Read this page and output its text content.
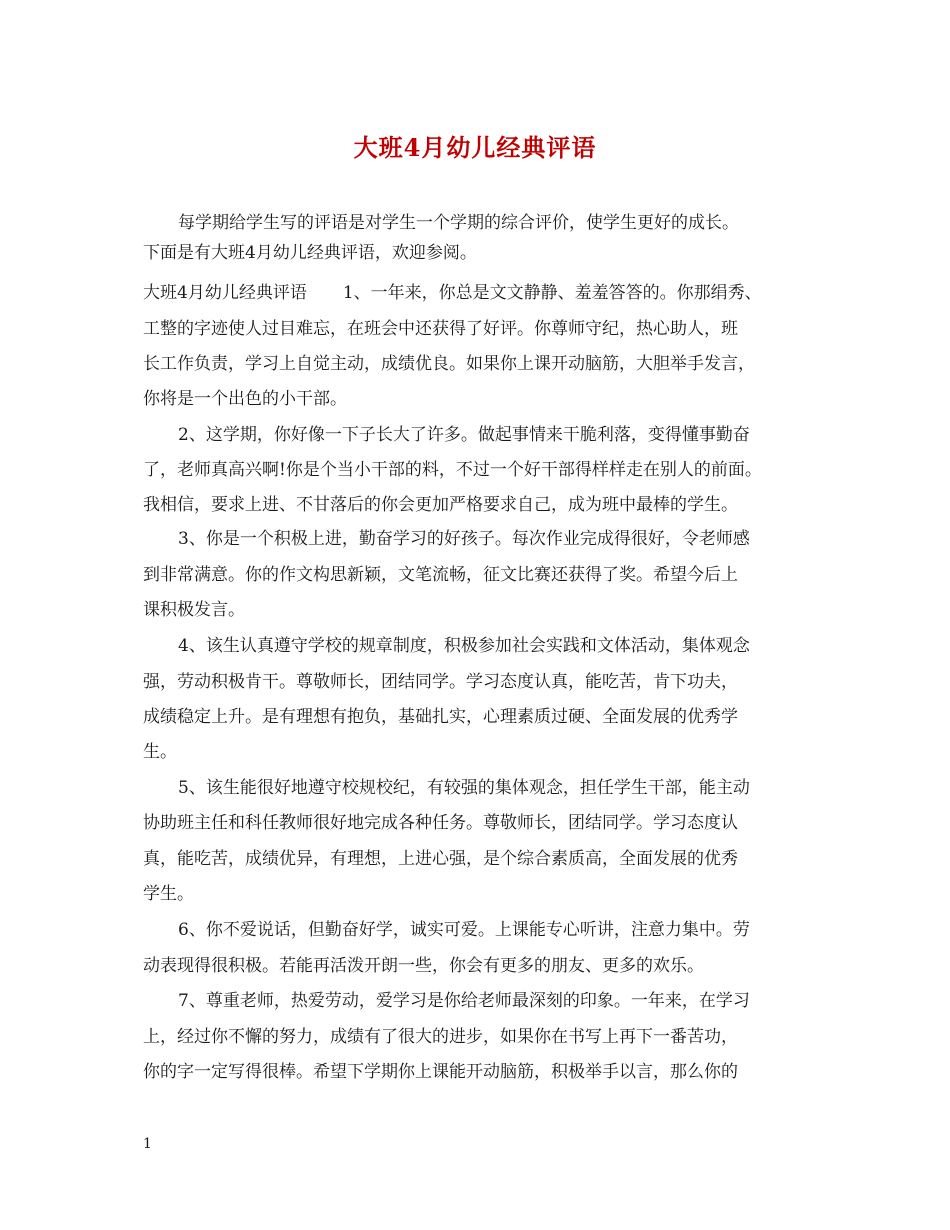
大班4月幼儿经典评语
每学期给学生写的评语是对学生一个学期的综合评价，使学生更好的成长。
下面是有大班4月幼儿经典评语，欢迎参阅。
大班4月幼儿经典评语 1、一年来，你总是文文静静、羞羞答答的。你那绢秀、
工整的字迹使人过目难忘，在班会中还获得了好评。你尊师守纪，热心助人，班
长工作负责，学习上自觉主动，成绩优良。如果你上课开动脑筋，大胆举手发言，
你将是一个出色的小干部。
2、这学期，你好像一下子长大了许多。做起事情来干脆利落，变得懂事勤奋
了，老师真高兴啊!你是个当小干部的料，不过一个好干部得样样走在别人的前面。
我相信，要求上进、不甘落后的你会更加严格要求自己，成为班中最棒的学生。
3、你是一个积极上进，勤奋学习的好孩子。每次作业完成得很好，令老师感
到非常满意。你的作文构思新颖，文笔流畅，征文比赛还获得了奖。希望今后上
课积极发言。
4、该生认真遵守学校的规章制度，积极参加社会实践和文体活动，集体观念
强，劳动积极肯干。尊敬师长，团结同学。学习态度认真，能吃苦，肯下功夫，
成绩稳定上升。是有理想有抱负，基础扎实，心理素质过硬、全面发展的优秀学
生。
5、该生能很好地遵守校规校纪，有较强的集体观念，担任学生干部，能主动
协助班主任和科任教师很好地完成各种任务。尊敬师长，团结同学。学习态度认
真，能吃苦，成绩优异，有理想，上进心强，是个综合素质高，全面发展的优秀
学生。
6、你不爱说话，但勤奋好学，诚实可爱。上课能专心听讲，注意力集中。劳
动表现得很积极。若能再活泼开朗一些，你会有更多的朋友、更多的欢乐。
7、尊重老师，热爱劳动，爱学习是你给老师最深刻的印象。一年来，在学习
上，经过你不懈的努力，成绩有了很大的进步，如果你在书写上再下一番苦功，
你的字一定写得很棒。希望下学期你上课能开动脑筋，积极举手以言，那么你的
1
